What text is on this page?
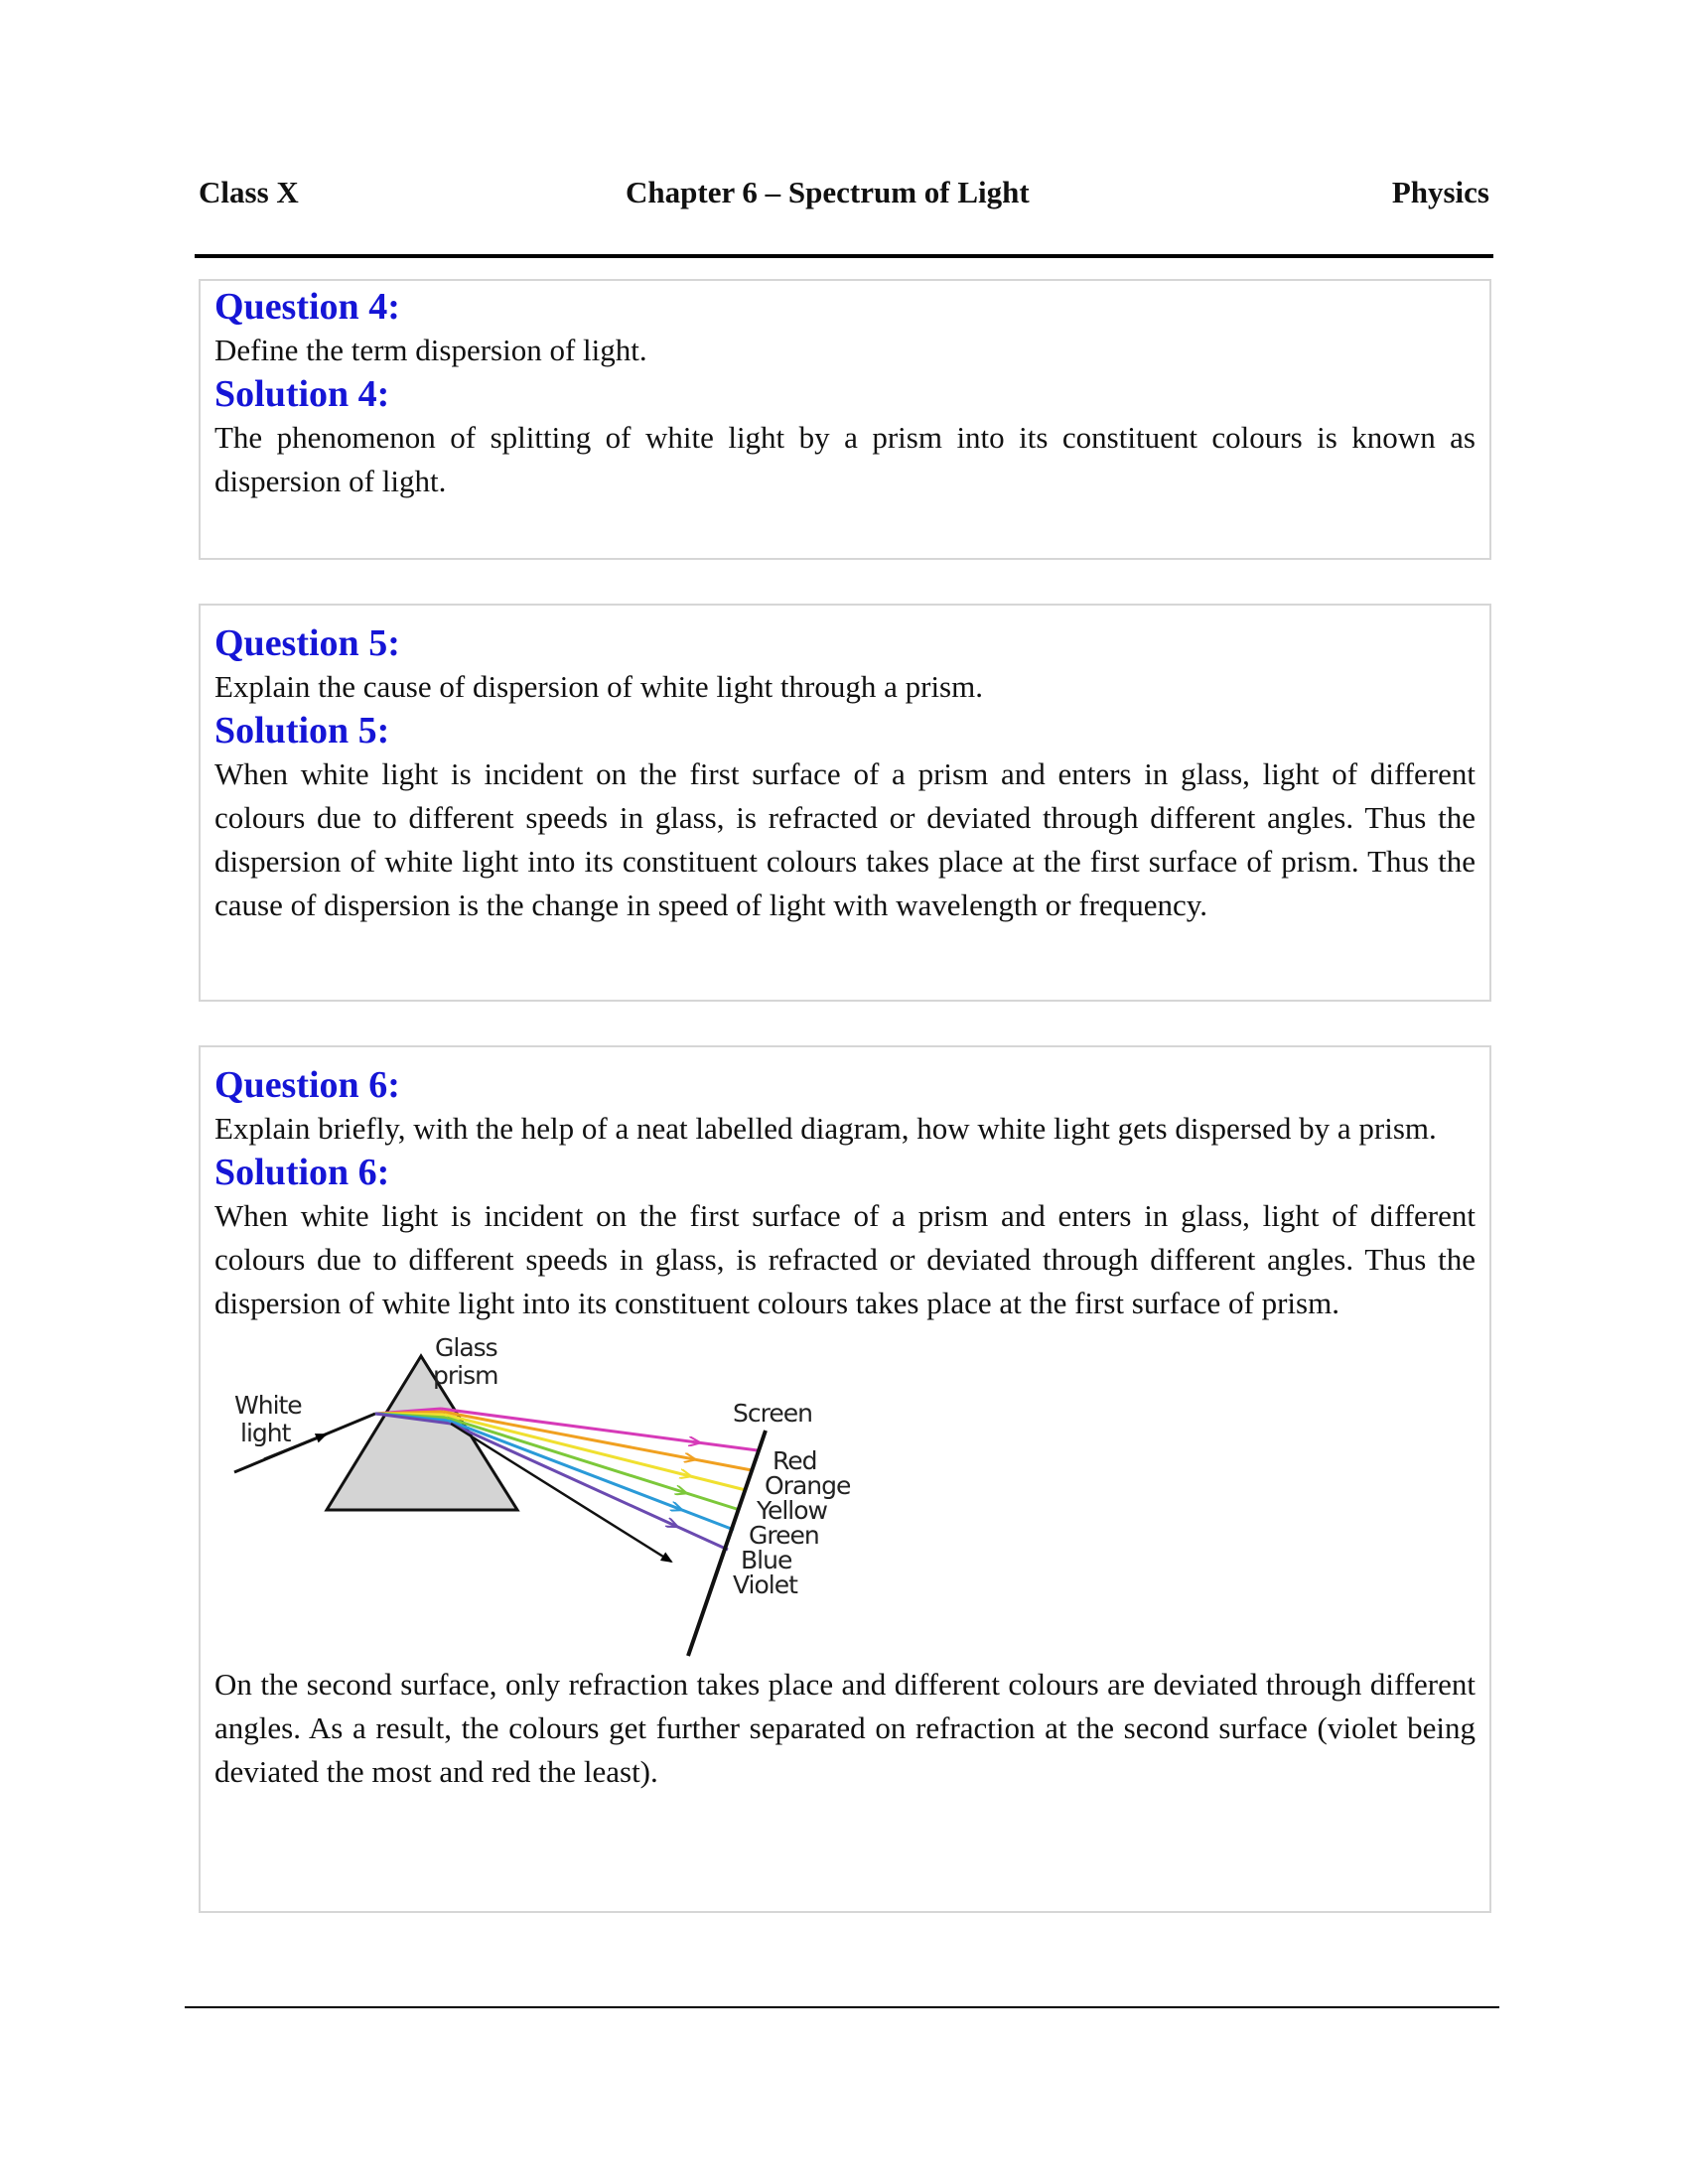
Class X	Chapter 6 – Spectrum of Light	Physics
Question 4:
Define the term dispersion of light.
Solution 4:
The phenomenon of splitting of white light by a prism into its constituent colours is known as dispersion of light.
Question 5:
Explain the cause of dispersion of white light through a prism.
Solution 5:
When white light is incident on the first surface of a prism and enters in glass, light of different colours due to different speeds in glass, is refracted or deviated through different angles. Thus the dispersion of white light into its constituent colours takes place at the first surface of prism. Thus the cause of dispersion is the change in speed of light with wavelength or frequency.
Question 6:
Explain briefly, with the help of a neat labelled diagram, how white light gets dispersed by a prism.
Solution 6:
When white light is incident on the first surface of a prism and enters in glass, light of different colours due to different speeds in glass, is refracted or deviated through different angles. Thus the dispersion of white light into its constituent colours takes place at the first surface of prism.
White
light
Glass
prism
Screen
Red
Orange
Yellow
Green
Blue
Violet
On the second surface, only refraction takes place and different colours are deviated through different angles. As a result, the colours get further separated on refraction at the second surface (violet being deviated the most and red the least).
